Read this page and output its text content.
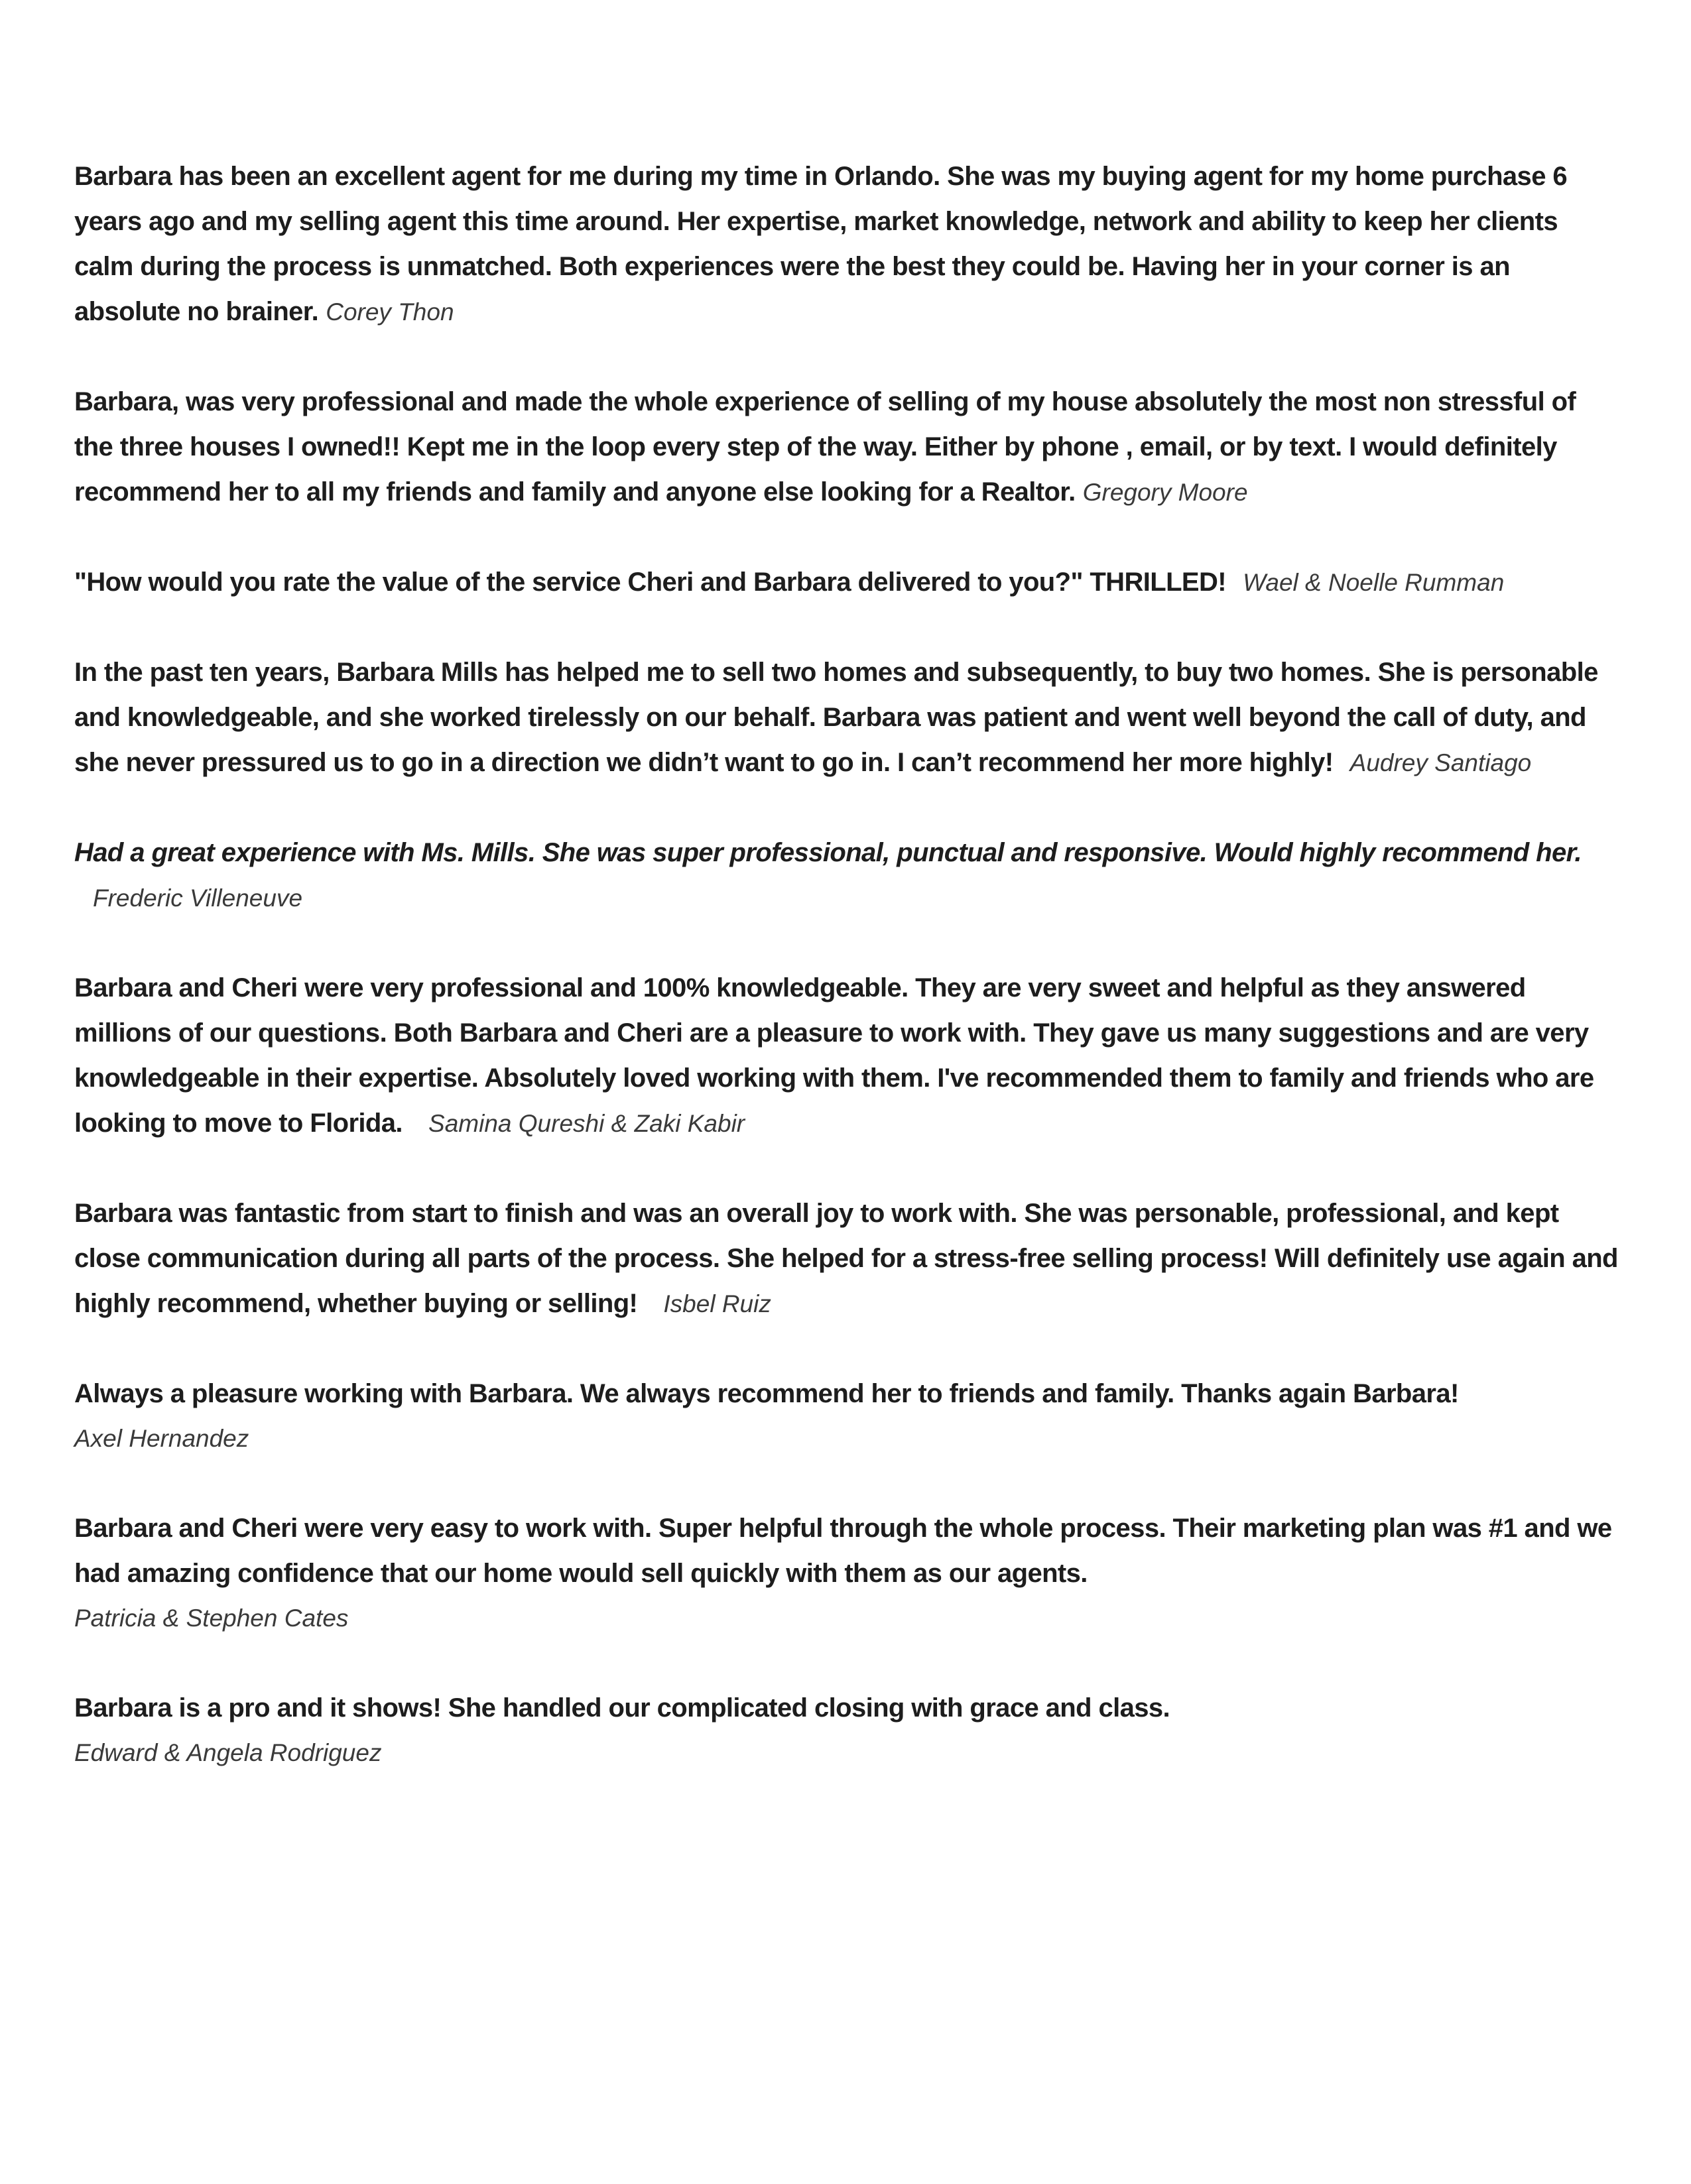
Barbara has been an excellent agent for me during my time in Orlando. She was my buying agent for my home purchase 6 years ago and my selling agent this time around. Her expertise, market knowledge, network and ability to keep her clients calm during the process is unmatched. Both experiences were the best they could be. Having her in your corner is an absolute no brainer. Corey Thon
Barbara, was very professional and made the whole experience of selling of my house absolutely the most non stressful of the three houses I owned!! Kept me in the loop every step of the way. Either by phone , email, or by text. I would definitely recommend her to all my friends and family and anyone else looking for a Realtor. Gregory Moore
"How would you rate the value of the service Cheri and Barbara delivered to you?" THRILLED! Wael & Noelle Rumman
In the past ten years, Barbara Mills has helped me to sell two homes and subsequently, to buy two homes. She is personable and knowledgeable, and she worked tirelessly on our behalf. Barbara was patient and went well beyond the call of duty, and she never pressured us to go in a direction we didn’t want to go in. I can’t recommend her more highly! Audrey Santiago
Had a great experience with Ms. Mills. She was super professional, punctual and responsive. Would highly recommend her. Frederic Villeneuve
Barbara and Cheri were very professional and 100% knowledgeable. They are very sweet and helpful as they answered millions of our questions. Both Barbara and Cheri are a pleasure to work with. They gave us many suggestions and are very knowledgeable in their expertise. Absolutely loved working with them. I've recommended them to family and friends who are looking to move to Florida. Samina Qureshi & Zaki Kabir
Barbara was fantastic from start to finish and was an overall joy to work with. She was personable, professional, and kept close communication during all parts of the process. She helped for a stress-free selling process! Will definitely use again and highly recommend, whether buying or selling! Isbel Ruiz
Always a pleasure working with Barbara. We always recommend her to friends and family. Thanks again Barbara!
Axel Hernandez
Barbara and Cheri were very easy to work with. Super helpful through the whole process. Their marketing plan was #1 and we had amazing confidence that our home would sell quickly with them as our agents.
Patricia & Stephen Cates
Barbara is a pro and it shows! She handled our complicated closing with grace and class.
Edward & Angela Rodriguez
